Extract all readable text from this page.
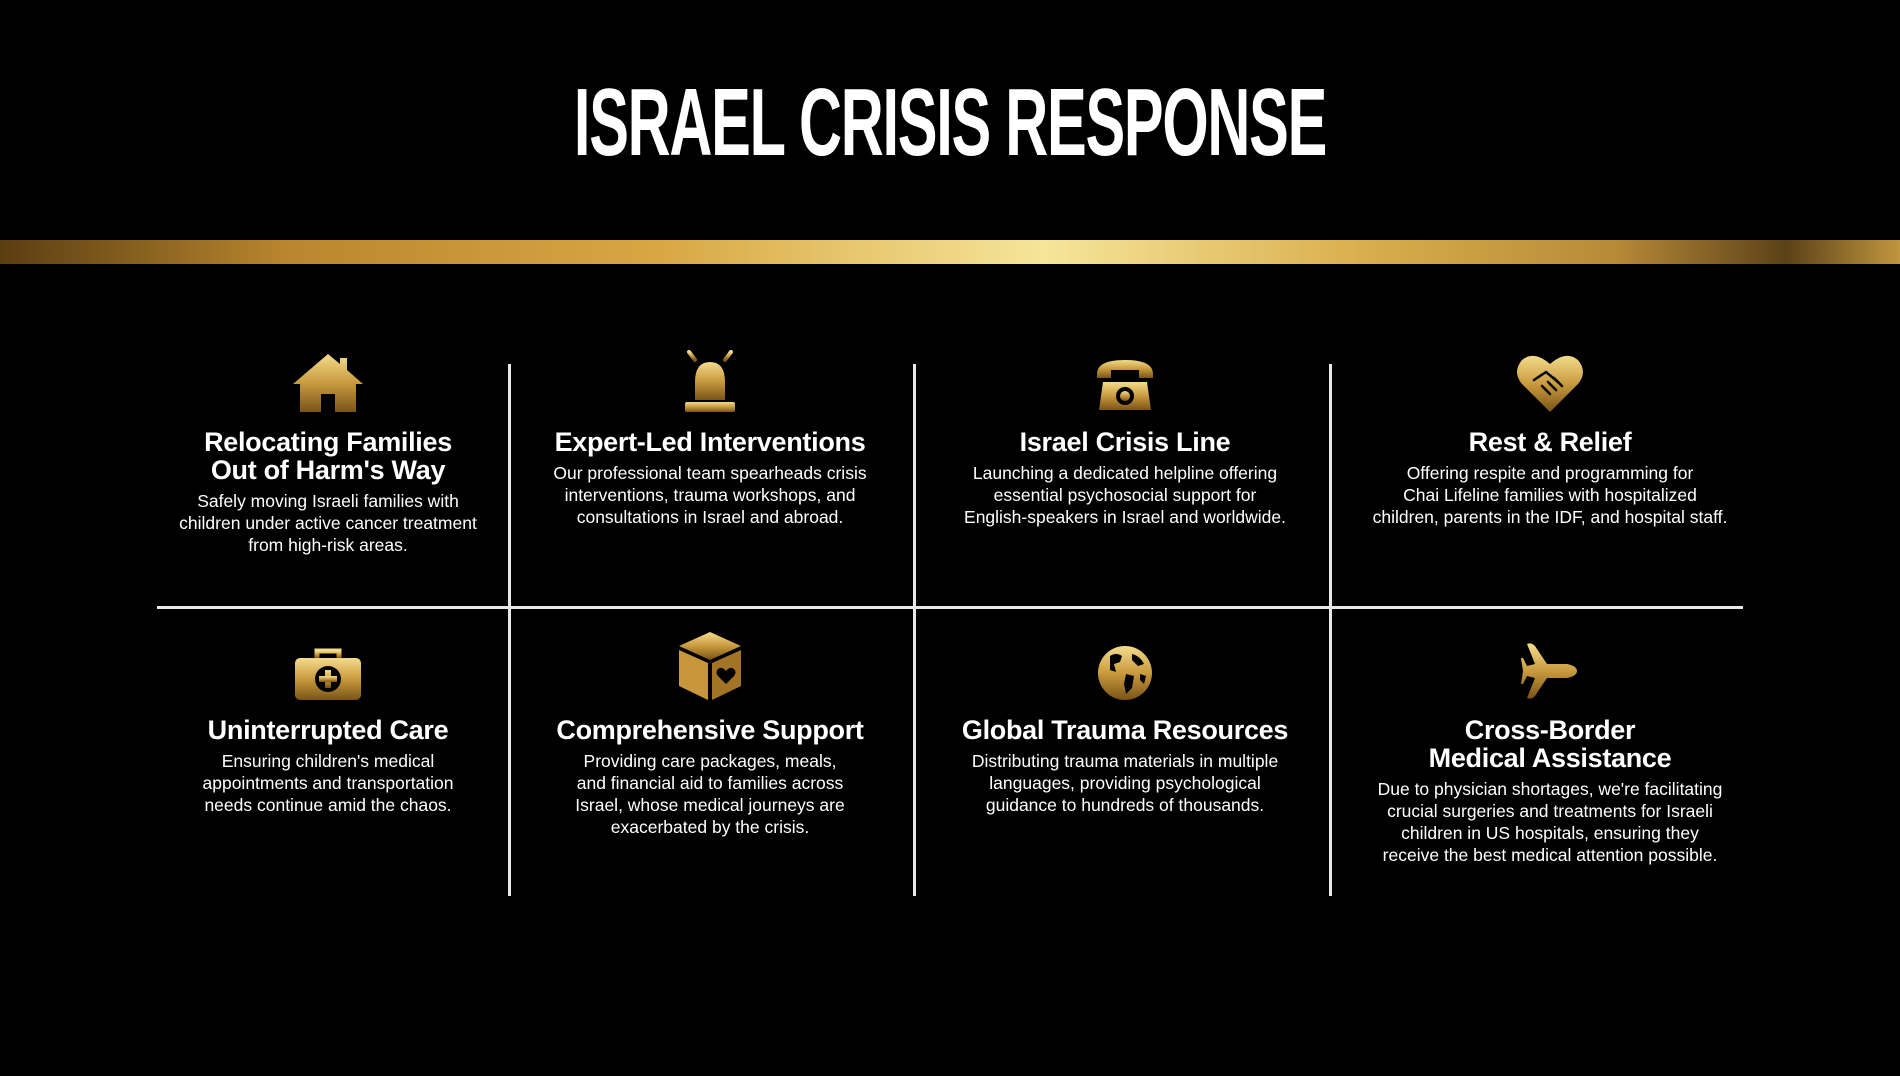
ISRAEL CRISIS RESPONSE
Relocating Families
Out of Harm's Way

Safely moving Israeli families with
children under active cancer treatment
from high-risk areas.

Expert-Led Interventions

Our professional team spearheads crisis
interventions, trauma workshops, and
consultations in Israel and abroad.

Israel Crisis Line

Launching a dedicated helpline offering
essential psychosocial support for
English-speakers in Israel and worldwide.

Rest & Relief

Offering respite and programming for
Chai Lifeline families with hospitalized
children, parents in the IDF, and hospital staff.

Uninterrupted Care

Ensuring children's medical
appointments and transportation
needs continue amid the chaos.

Comprehensive Support

Providing care packages, meals,
and financial aid to families across
Israel, whose medical journeys are
exacerbated by the crisis.

Global Trauma Resources

Distributing trauma materials in multiple
languages, providing psychological
guidance to hundreds of thousands.

Cross-Border
Medical Assistance

Due to physician shortages, we're facilitating
crucial surgeries and treatments for Israeli
children in US hospitals, ensuring they
receive the best medical attention possible.
